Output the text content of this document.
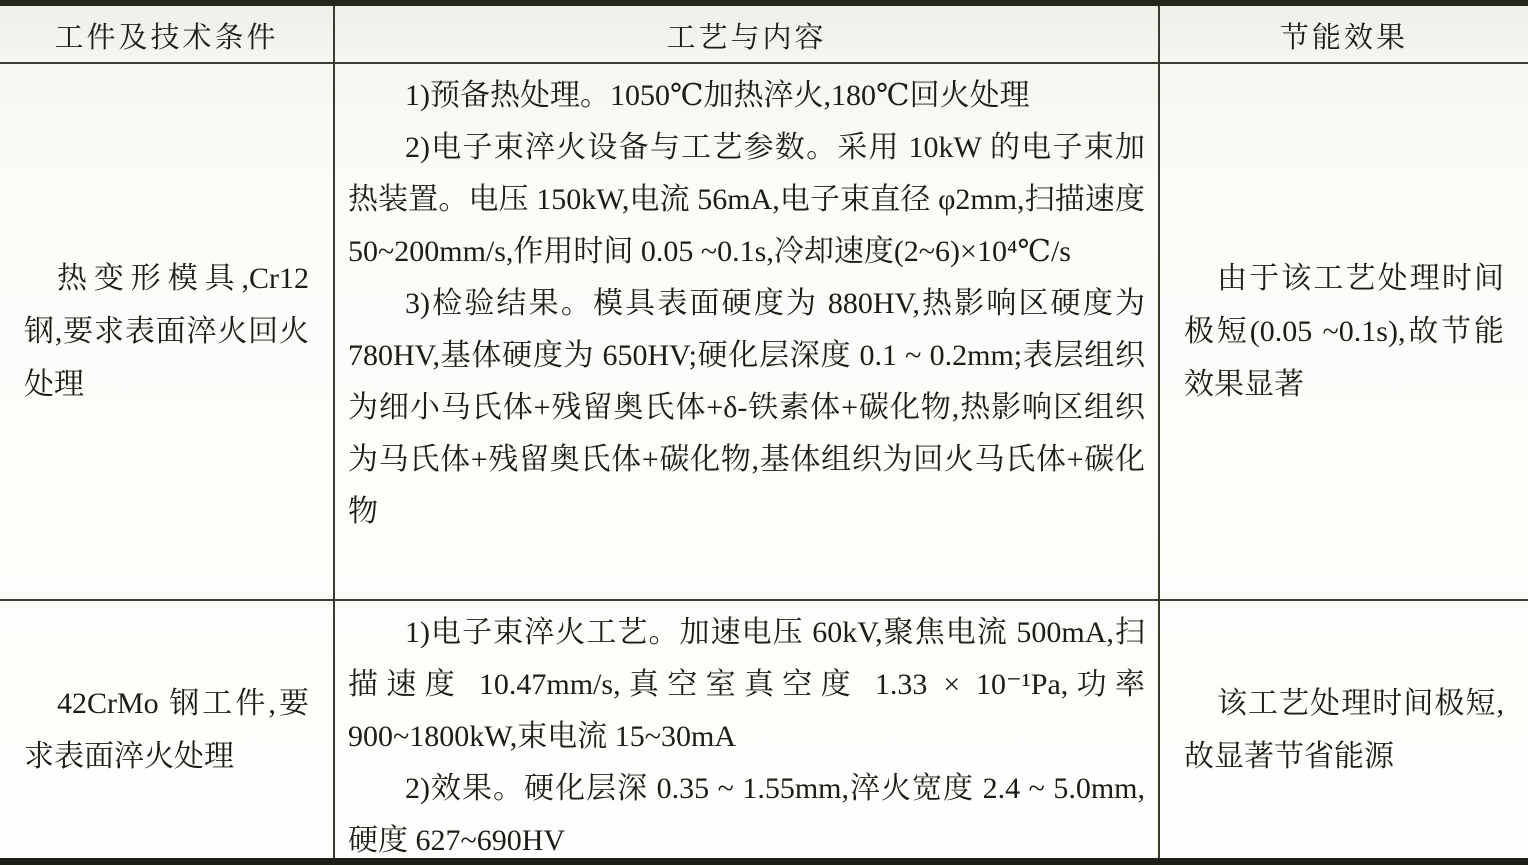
工件及技术条件	工艺与内容	节能效果
热变形模具,Cr12 钢,要求表面淬火回火处理

1)预备热处理。1050℃加热淬火,180℃回火处理

2)电子束淬火设备与工艺参数。采用 10kW 的电子束加热装置。电压 150kW,电流 56mA,电子束直径 φ2mm,扫描速度 50~200mm/s,作用时间 0.05 ~0.1s,冷却速度(2~6)×10⁴℃/s

3)检验结果。模具表面硬度为 880HV,热影响区硬度为 780HV,基体硬度为 650HV;硬化层深度 0.1 ~ 0.2mm;表层组织为细小马氏体+残留奥氏体+δ-铁素体+碳化物,热影响区组织为马氏体+残留奥氏体+碳化物,基体组织为回火马氏体+碳化物

由于该工艺处理时间极短(0.05 ~0.1s),故节能效果显著
42CrMo 钢工件,要求表面淬火处理

1)电子束淬火工艺。加速电压 60kV,聚焦电流 500mA,扫描速度 10.47mm/s,真空室真空度 1.33 × 10⁻¹Pa,功率 900~1800kW,束电流 15~30mA

2)效果。硬化层深 0.35 ~ 1.55mm,淬火宽度 2.4 ~ 5.0mm,硬度 627~690HV

该工艺处理时间极短,故显著节省能源
